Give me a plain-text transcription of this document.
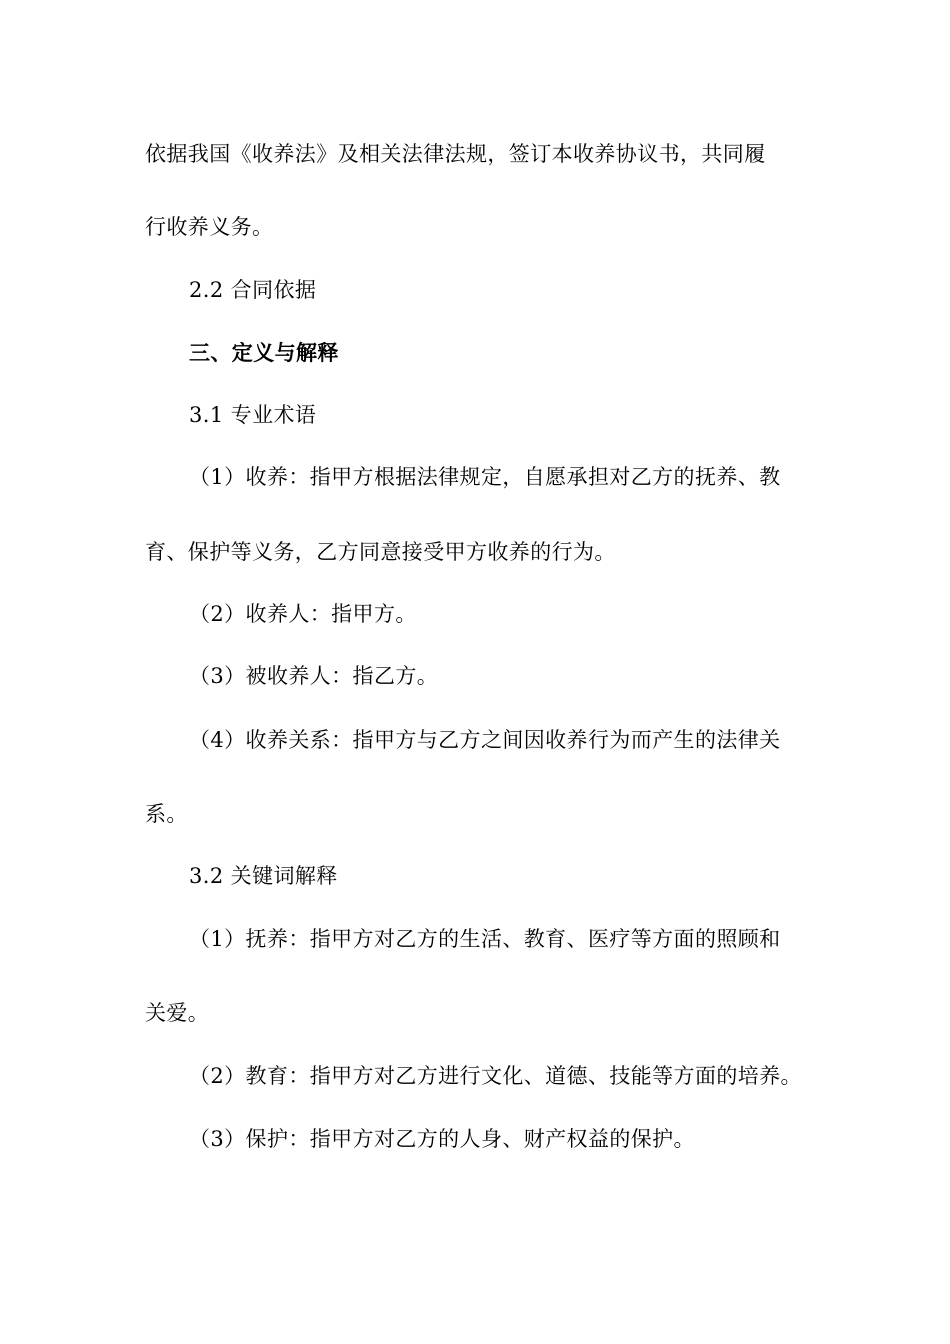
依据我国《收养法》及相关法律法规，签订本收养协议书，共同履
行收养义务。
2.2 合同依据
三、定义与解释
3.1 专业术语
（1）收养：指甲方根据法律规定，自愿承担对乙方的抚养、教
育、保护等义务，乙方同意接受甲方收养的行为。
（2）收养人：指甲方。
（3）被收养人：指乙方。
（4）收养关系：指甲方与乙方之间因收养行为而产生的法律关
系。
3.2 关键词解释
（1）抚养：指甲方对乙方的生活、教育、医疗等方面的照顾和
关爱。
（2）教育：指甲方对乙方进行文化、道德、技能等方面的培养。
（3）保护：指甲方对乙方的人身、财产权益的保护。
